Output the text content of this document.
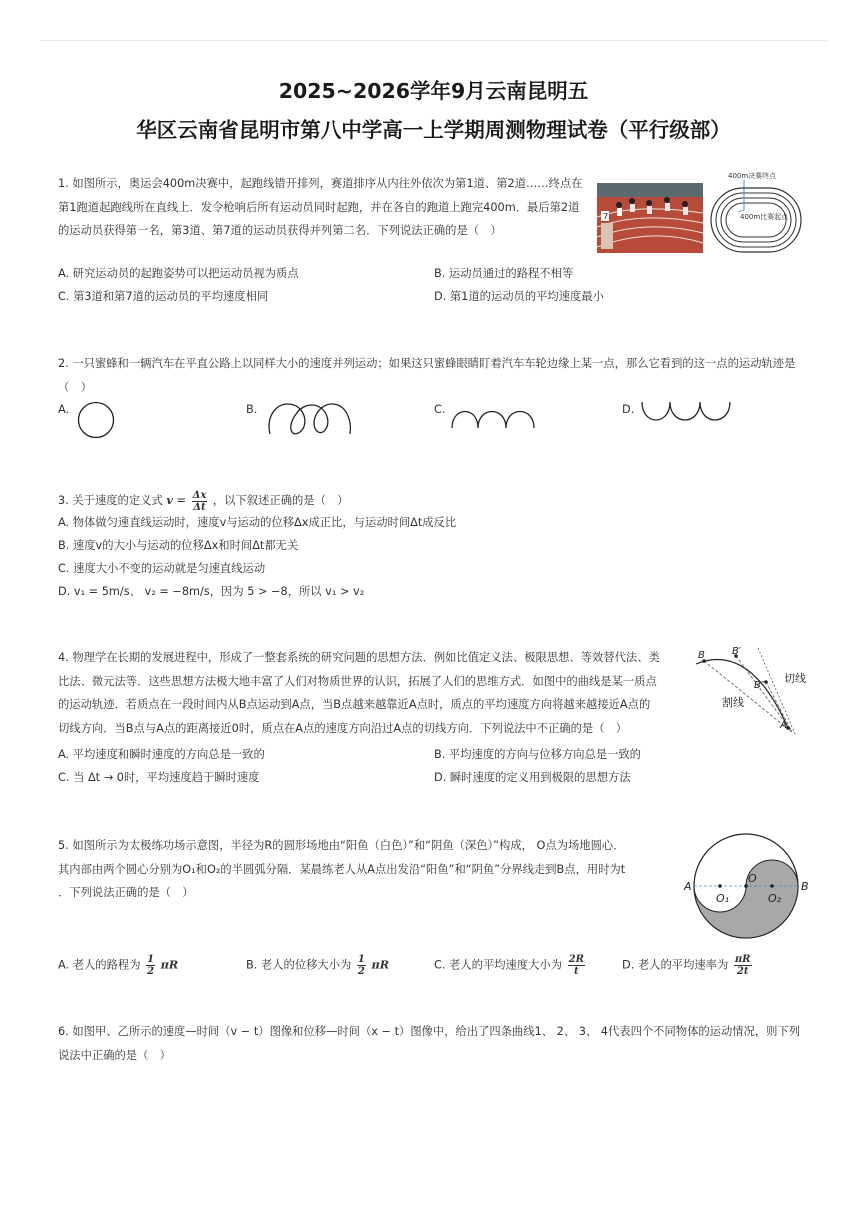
2025~2026学年9月云南昆明五
华区云南省昆明市第八中学高一上学期周测物理试卷（平行级部）
1. 如图所示，奥运会400m决赛中，起跑线错开排列，赛道排序从内往外依次为第1道、第2道……终点在
第1跑道起跑线所在直线上．发令枪响后所有运动员同时起跑，并在各自的跑道上跑完400m．最后第2道
的运动员获得第一名，第3道、第7道的运动员获得并列第二名．下列说法正确的是（　）
7
400m决赛终点
400m比赛起点
A. 研究运动员的起跑姿势可以把运动员视为质点	B. 运动员通过的路程不相等
C. 第3道和第7道的运动员的平均速度相同	D. 第1道的运动员的平均速度最小
2. 一只蜜蜂和一辆汽车在平直公路上以同样大小的速度并列运动；如果这只蜜蜂眼睛盯着汽车车轮边缘上某一点，那么它看到的这一点的运动轨迹是
（　）
A.	B.	C.	D.
3. 关于速度的定义式 $v = \frac{\Delta x}{\Delta t}$ ，以下叙述正确的是（　）
A. 物体做匀速直线运动时，速度v与运动的位移Δx成正比，与运动时间Δt成反比
B. 速度v的大小与运动的位移Δx和时间Δt都无关
C. 速度大小不变的运动就是匀速直线运动
D. v₁ = 5m/s、 v₂ = −8m/s，因为 5 > −8，所以 v₁ > v₂
4. 物理学在长期的发展进程中，形成了一整套系统的研究问题的思想方法．例如比值定义法、极限思想、等效替代法、类
比法、微元法等．这些思想方法极大地丰富了人们对物质世界的认识，拓展了人们的思维方式．如图中的曲线是某一质点
的运动轨迹．若质点在一段时间内从B点运动到A点，当B点越来越靠近A点时，质点的平均速度方向将越来越接近A点的
切线方向．当B点与A点的距离接近0时，质点在A点的速度方向沿过A点的切线方向．下列说法中不正确的是（　）
B	B′
B″
A
切线
割线
A. 平均速度和瞬时速度的方向总是一致的	B. 平均速度的方向与位移方向总是一致的
C. 当 Δt → 0时，平均速度趋于瞬时速度	D. 瞬时速度的定义用到极限的思想方法
5. 如图所示为太极练功场示意图，半径为R的圆形场地由“阳鱼（白色）”和“阴鱼（深色）”构成， O点为场地圆心．
其内部由两个圆心分别为O₁和O₂的半圆弧分隔．某晨练老人从A点出发沿“阳鱼”和“阴鱼”分界线走到B点，用时为t
．下列说法正确的是（　）	A	B
O
O₁	O₂
A. 老人的路程为 $\frac{1}{2}$ πR	B. 老人的位移大小为 $\frac{1}{2}$ πR	C. 老人的平均速度大小为 $\frac{2R}{t}$	D. 老人的平均速率为 $\frac{\pi R}{2t}$
6. 如图甲、乙所示的速度—时间（v − t）图像和位移—时间（x − t）图像中，给出了四条曲线1、 2、 3、 4代表四个不同物体的运动情况，则下列
说法中正确的是（　）
